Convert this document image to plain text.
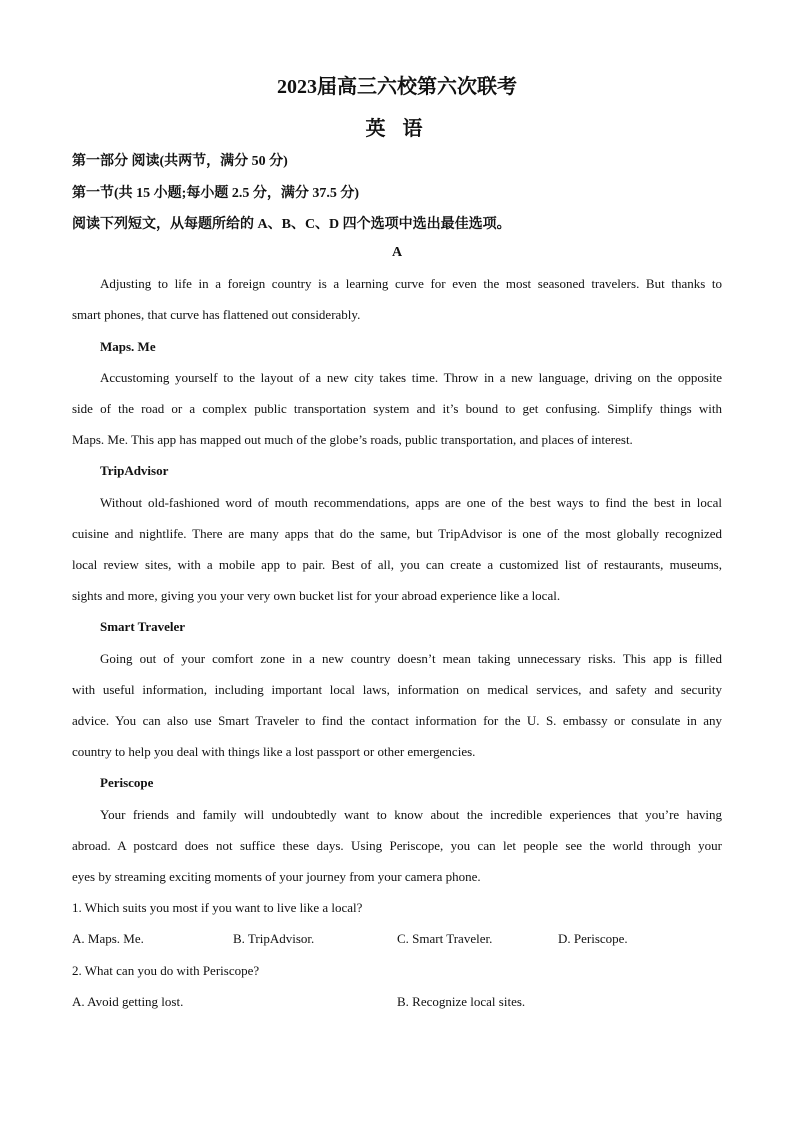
2023届高三六校第六次联考
英 语
第一部分 阅读(共两节，满分 50 分)
第一节(共 15 小题;每小题 2.5 分，满分 37.5 分)
阅读下列短文，从每题所给的 A、B、C、D 四个选项中选出最佳选项。
A
Adjusting to life in a foreign country is a learning curve for even the most seasoned travelers. But thanks to
smart phones, that curve has flattened out considerably.
Maps. Me
Accustoming yourself to the layout of a new city takes time. Throw in a new language, driving on the opposite
side of the road or a complex public transportation system and it’s bound to get confusing. Simplify things with
Maps. Me. This app has mapped out much of the globe’s roads, public transportation, and places of interest.
TripAdvisor
Without old-fashioned word of mouth recommendations, apps are one of the best ways to find the best in local
cuisine and nightlife. There are many apps that do the same, but TripAdvisor is one of the most globally recognized
local review sites, with a mobile app to pair. Best of all, you can create a customized list of restaurants, museums,
sights and more, giving you your very own bucket list for your abroad experience like a local.
Smart Traveler
Going out of your comfort zone in a new country doesn’t mean taking unnecessary risks. This app is filled
with useful information, including important local laws, information on medical services, and safety and security
advice. You can also use Smart Traveler to find the contact information for the U. S. embassy or consulate in any
country to help you deal with things like a lost passport or other emergencies.
Periscope
Your friends and family will undoubtedly want to know about the incredible experiences that you’re having
abroad. A postcard does not suffice these days. Using Periscope, you can let people see the world through your
eyes by streaming exciting moments of your journey from your camera phone.
1. Which suits you most if you want to live like a local?
A. Maps. Me.	B. TripAdvisor.	C. Smart Traveler.	D. Periscope.
2. What can you do with Periscope?
A. Avoid getting lost.	B. Recognize local sites.
